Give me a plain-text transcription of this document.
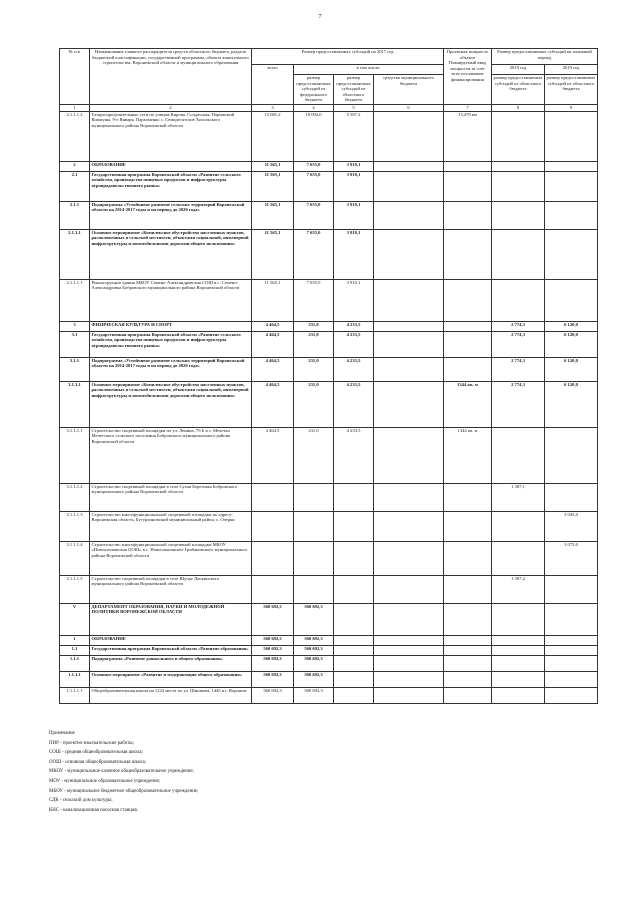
7
№ п/п	Наименование главного распорядителя средств областного бюджета, раздела бюджетной классификации, государственной программы, объекта капитального строительства, Воронежской области и муниципального образования	Размер предоставляемых субсидий на 2017 год				Проектная мощность объекта
Планируемый ввод мощности за счет всех источников финансирования	Размер предоставляемых субсидий на плановый период	
		всего	в том числе:				2018 год	2019 год
			размер предоставляемых субсидий из федерального бюджета	размер предоставляемых субсидий из областного бюджета	средства муниципального бюджета		размер предоставляемых субсидий из областного бюджета	размер предоставляемых субсидий из областного бюджета
1	2	3	4	5	6	7	8	9
2.1.1.1.2	Газораспределительные сети по улицам Кирова, Солдатская, Парижский Коммуны, 9-е Января, Пархоменко с. Семидесятское Хохольского муниципального района Воронежской области	15 681,2	10 094,0	5 587,2		13,478 км		
2	ОБРАЗОВАНИЕ	11 565,1	7 655,0	3 910,1				
2.1	Государственная программа Воронежской области «Развитие сельского хозяйства, производства пищевых продуктов и инфраструктуры агропродовольственного рынка»	11 565,1	7 655,0	3 910,1				
2.1.1	Подпрограмма «Устойчивое развитие сельских территорий Воронежской области на 2014-2017 годы и на период до 2020 года»	11 565,1	7 655,0	3 910,1				
2.1.1.1	Основное мероприятие «Комплексное обустройство населенных пунктов, расположенных в сельской местности, объектами социальной, инженерной инфраструктуры и автомобильными дорогами общего пользования»	11 565,1	7 655,0	3 910,1				
2.1.1.1.1	Реконструкция здания МКОУ Семено-Александровская СОШ в с. Семено-Александровка Бобровского муниципального района Воронежской области	11 565,1	7 655,0	3 910,1				
3	ФИЗИЧЕСКАЯ КУЛЬТУРА И СПОРТ	4 464,5	231,0	4 233,5			2 774,3	6 120,0
3.1	Государственная программа Воронежской области «Развитие сельского хозяйства, производства пищевых продуктов и инфраструктуры агропродовольственного рынка»	4 464,5	231,0	4 233,5			2 774,3	6 120,0
3.1.1	Подпрограмма «Устойчивое развитие сельских территорий Воронежской области на 2014-2017 годы и на период до 2020 года»	4 464,5	231,0	4 233,5			2 774,3	6 120,0
3.1.1.1	Основное мероприятие «Комплексное обустройство населенных пунктов, расположенных в сельской местности, объектами социальной, инженерной инфраструктуры и автомобильными дорогами общего пользования»	4 464,5	231,0	4 233,5		1344 кв. м	2 774,3	6 120,0
3.1.1.1.1	Строительство спортивной площадки по ул. Ленина, 79 Б в с. Мечетка Мечетского сельского поселения Бобровского муниципального района Воронежской области	4 464,5	231,0	4 233,5		1344 кв. м		
3.1.1.1.2	Строительство спортивной площадки в селе Сухая Березовка Бобровского муниципального района Воронежской области						1 387,1	
3.1.1.1.3	Строительство многофункциональной спортивной площадки по адресу: Воронежская область, Бутурлиновский муниципальный район, с. Озерки							3 045,0
3.1.1.1.4	Строительство многофункциональной спортивной площадки МКОУ «Новоольшанская ООШ» в с. Новоольшанское Грибановского муниципального района Воронежской области							3 075,0
3.1.1.1.5	Строительство спортивной площадки в селе Шучье Лискинского муниципального района Воронежской области						1 387,2	
V	ДЕПАРТАМЕНТ ОБРАЗОВАНИЯ, НАУКИ И МОЛОДЕЖНОЙ ПОЛИТИКИ ВОРОНЕЖСКОЙ ОБЛАСТИ	560 692,3	560 692,3					
1	ОБРАЗОВАНИЕ	560 692,3	560 692,3					
1.1	Государственная программа Воронежской области «Развитие образования»	560 692,3	560 692,3					
1.1.1	Подпрограмма «Развитие дошкольного и общего образования»	560 692,3	560 692,3					
1.1.1.1	Основное мероприятие «Развитие и модернизация общего образования»	560 692,3	560 692,3					
1.1.1.1.1	Общеобразовательная школа на 1224 места по ул. Шишкова, 144б в г. Воронеж	560 692,3	560 692,3					
Примечание
ПИР - проектно-изыскательские работы;
СОШ - средняя общеобразовательная школа;
ООШ - основная общеобразовательная школа;
МКОУ - муниципальное казенное общеобразовательное учреждение;
МОУ - муниципальное образовательное учреждение;
МБОУ - муниципальное бюджетное общеобразовательное учреждение;
СДК - сельский дом культуры;
КНС - канализационная насосная станция.
